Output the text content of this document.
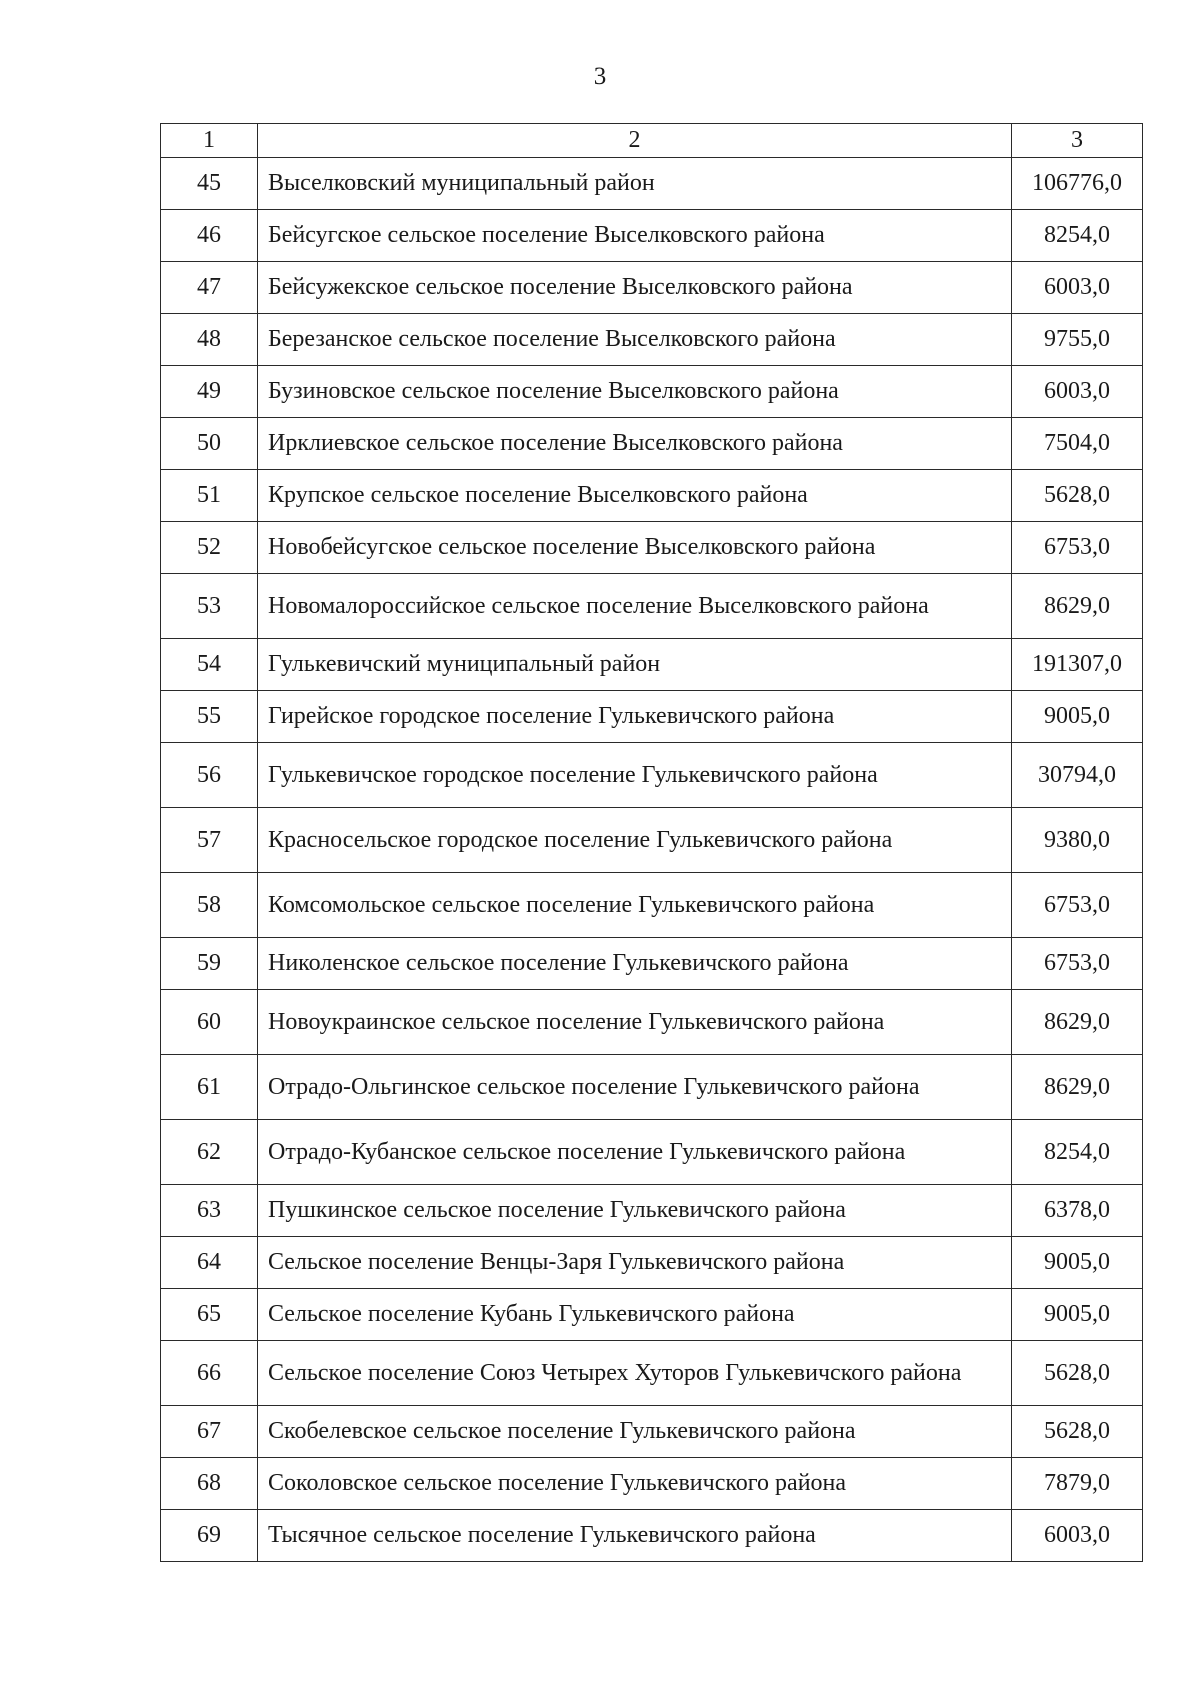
3
1	2	3
45	Выселковский муниципальный район	106776,0
46	Бейсугское сельское поселение Выселковского района	8254,0
47	Бейсужекское сельское поселение Выселковского района	6003,0
48	Березанское сельское поселение Выселковского района	9755,0
49	Бузиновское сельское поселение Выселковского района	6003,0
50	Ирклиевское сельское поселение Выселковского района	7504,0
51	Крупское сельское поселение Выселковского района	5628,0
52	Новобейсугское сельское поселение Выселковского района	6753,0
53	Новомалороссийское сельское поселение Выселковского района	8629,0
54	Гулькевичский муниципальный район	191307,0
55	Гирейское городское поселение Гулькевичского района	9005,0
56	Гулькевичское городское поселение Гулькевичского района	30794,0
57	Красносельское городское поселение Гулькевичского района	9380,0
58	Комсомольское сельское поселение Гулькевичского района	6753,0
59	Николенское сельское поселение Гулькевичского района	6753,0
60	Новоукраинское сельское поселение Гулькевичского района	8629,0
61	Отрадо-Ольгинское сельское поселение Гулькевичского района	8629,0
62	Отрадо-Кубанское сельское поселение Гулькевичского района	8254,0
63	Пушкинское сельское поселение Гулькевичского района	6378,0
64	Сельское поселение Венцы-Заря Гулькевичского района	9005,0
65	Сельское поселение Кубань Гулькевичского района	9005,0
66	Сельское поселение Союз Четырех Хуторов Гулькевичского района	5628,0
67	Скобелевское сельское поселение Гулькевичского района	5628,0
68	Соколовское сельское поселение Гулькевичского района	7879,0
69	Тысячное сельское поселение Гулькевичского района	6003,0
